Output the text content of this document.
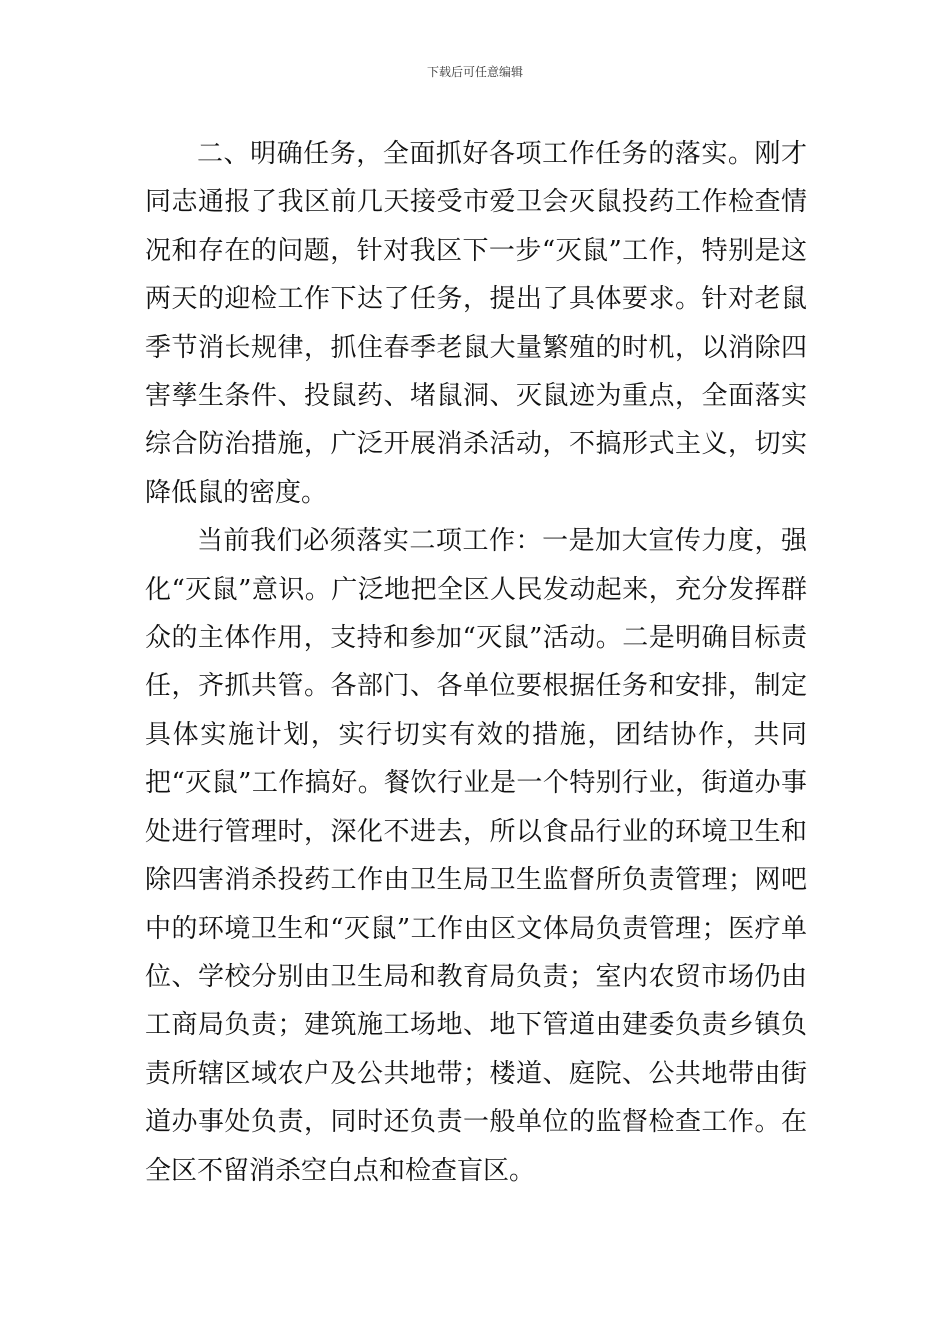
下载后可任意编辑

二、明确任务，全面抓好各项工作任务的落实。刚才同志通报了我区前几天接受市爱卫会灭鼠投药工作检查情况和存在的问题，针对我区下一步“灭鼠”工作，特别是这两天的迎检工作下达了任务，提出了具体要求。针对老鼠季节消长规律，抓住春季老鼠大量繁殖的时机，以消除四害孳生条件、投鼠药、堵鼠洞、灭鼠迹为重点，全面落实综合防治措施，广泛开展消杀活动，不搞形式主义，切实降低鼠的密度。

当前我们必须落实二项工作：一是加大宣传力度，强化“灭鼠”意识。广泛地把全区人民发动起来，充分发挥群众的主体作用，支持和参加“灭鼠”活动。二是明确目标责任，齐抓共管。各部门、各单位要根据任务和安排，制定具体实施计划，实行切实有效的措施，团结协作，共同把“灭鼠”工作搞好。餐饮行业是一个特别行业，街道办事处进行管理时，深化不进去，所以食品行业的环境卫生和除四害消杀投药工作由卫生局卫生监督所负责管理；网吧中的环境卫生和“灭鼠”工作由区文体局负责管理；医疗单位、学校分别由卫生局和教育局负责；室内农贸市场仍由工商局负责；建筑施工场地、地下管道由建委负责乡镇负责所辖区域农户及公共地带；楼道、庭院、公共地带由街道办事处负责，同时还负责一般单位的监督检查工作。在全区不留消杀空白点和检查盲区。
